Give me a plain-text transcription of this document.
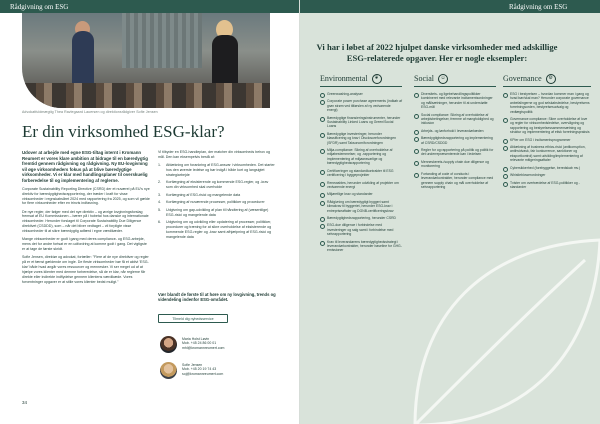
Rådgivning om ESG
Advokatfuldmægtig Thea Ravlegaard Lauersen og direktionsrådgiver Sofie Jensen
Er din virksomhed ESG-klar?

Udover at arbejde med egne ESG-tiltag internt i Kromann Reumert er vores klare ambition at bidrage til en bæredygtig fremtid gennem rådgivning og rådgivning. Ny EU-lovgivning vil øge virksomheders fokus på at blive bæredygtige virksomheder. Vi er klar med handlingsplaner til overskuelig forberedelse til og implementering af reglerne.

Corporate Sustainability Reporting Directive (CSRD) der et nuværel på EU's nye direktiv for bæredygtighedsrapportering, der træder i kraft for visse virksomheder i regnskabsåret 2024 med rapportering fra 2025, og som vil gælde for flere virksomheder efter en trinvis indfasning.

De nye regler, der følger med det nye direktiv – og øvrige lovgivningsforslag fremsat af EU Kommissionen – bærer på i hobetal hos danske og internationale virksomheder. Herunder forslaget til Corporate Sustainability Due Diligence direktivet (CSDDD), som – når det bliver vedtaget – vil forpligte visse virksomheder til at sikre bæredygtig adfærd i egne værdikæder.

Mange virksomheder er godt i gang med deres compliance- og ESG-arbejde, mens det for andre fortsat er en udfordring at komme godt i gang. Det vigtigste er at tage de første skridt.

Sofie Jensen, direktør og advokat, fortæller: "Flere af de nye direktiver og regler på er et fænst gældende om ingle. De fleste virksomheder bør få et aktivt 'ESG-klar' både hvad angår vores ressourcer og mennesker. Vi ser meget ud af at hjælpe vores klienter med demme forberedelse, så de er klar, når reglerne får direkte eller indirekte indflydelse gennem klientens værdikæde. Vores forventninger opgaver er at stille vores klienter bedst muligt."

Vi tilbyder en ESG-handleplan, der matcher din virksomheds behov og mål. Den kan eksempelvis bestå af:

1.	Afdækning om forankring af ESG-ansvar i virksomheden. Det starter hos den øverste ledelse og bør indgå i både kort og langsigtet strategiarbejde
2.	Kortlægning af eksisterende og kommende ESG-regler, og -krav som din virksomhed skal overholde
3.	Kortlægning af ESG-risici og mangelende data
4.	Kortlægning af nuværende processer, politikker og procedurer
5.	Udgivning om gap-udvikling af plan til håndtering af (væsentlige) ESG-risici og mangelende data
6.	Udgivning om og udvikling eller opdatering af processer, politikker, procedurer og træning for at sikre overholdelse af eksisterende og kommende ESG-regler og -krav samt afhjælpning af ESG-risici og mangelende data
Vær blandt de første til at høre om ny lovgivning, trends og videndeling indenfor ESG-området.
Tilmeld dig nyhedsservice
Maria Holst Løvin
Mob. +45 24 86 00 01
mhl@kromannreumert.com
Sofie Jensen
Mob. +45 20 19 74 43
soj@kromannreumert.com
34
Rådgivning om ESG
Vi har i løbet af 2022 hjulpet danske virksomheder med adskillige ESG-relaterede opgaver. Her er nogle eksempler:
Environmental	❦	Social	☺	Governance	⚙
Greenwashing-analyser
Corporate power purchase agreements (indkøb af grøn strøm ved tilførslen af ny vedvarende energi)
Bæredygtige finansieringsinstrumenter, herunder Sustainability Linked Loans og Green/Social Loans
Bæredygtige investeringer, herunder klassificering og krav i Disclosureforordningen (SFDR) samt Taksonomiforordningen
Miljø-compliance: Sikring af overholdelse af miljøbestemmelser, og -rapportering og implementering af miljøansvarlige og bæredygtighedsrapportering
Certificeringer og standardkontrakter til ESG certificering i byggeprojekter
Renewables, herunder udvikling af projekter om vedvarende energi
Miljøretlige krav og standarder
Rådgivning om bæredygtigt byggeri samt klimakrav til byggeriet, herunder ESG-krav i entrepriseaftaler og DGNB-certificeringskrav
Bæredygtighedsrapportering, herunder CSRD
ESG-due diligence i forbindelse med investeringer og salg samt i forbindelse med selvrapportering
Krav til leverandørens bæredygtighedsstrategi i leverandørkontrakter, herunder baseline for GHG-emissioner
Diversitets- og ligebehandlingspolitikker kombineret med relevante incitamentsordninger og mållsætninger, herunder til at understøtte ESG-mål
Social compliance: Sikring af overholdelse af arbejdsbetingelser, fremme af mangfoldighed og inklusion
Arbejds- og lønforhold i leverandørkæden
Bæredygtighedsrapportering og implementering af CSRD/CSDDD
Regler for og rapportering på politik og politik for det underrepræsenterede køn i ledelsen
Menneskerets-/supply chain due diligence og monitorering
Fortanding af code of conducts i leverandørkontrakter, herunder compliance med gennem supply chain og mål overholdelse af selvrapportering
ESG i bestyrelsen – hvordan kommer man i gang og hvad bør/skal man? Herunder corporate governance anbefalingerne og god selskabsledelse, bestyrelsens forretningsorden, bestyrelsesudvalg og vedtægtspolitik
Governance compliance: Sikre overholdelse af love og regler for virksomhedsledelse, overvågning og rapportering og bestyrelsessammensætning og struktur og implementering af etisk forretningspraksis
KPIer om ESG i incitamentsprogrammer
Afdækning af business ethics-risici (antikorruption, antihvidvask, fair konkurrence, sanktioner og eksportkontrol) samt udvikling/implementering af relevante mitigeringsaftaler
Cybersikkerhed (forebyggelse, beredskab mv.)
Whistleblowerordninger
Tvister om overtrædelse af ESG-politikker og -standarder
